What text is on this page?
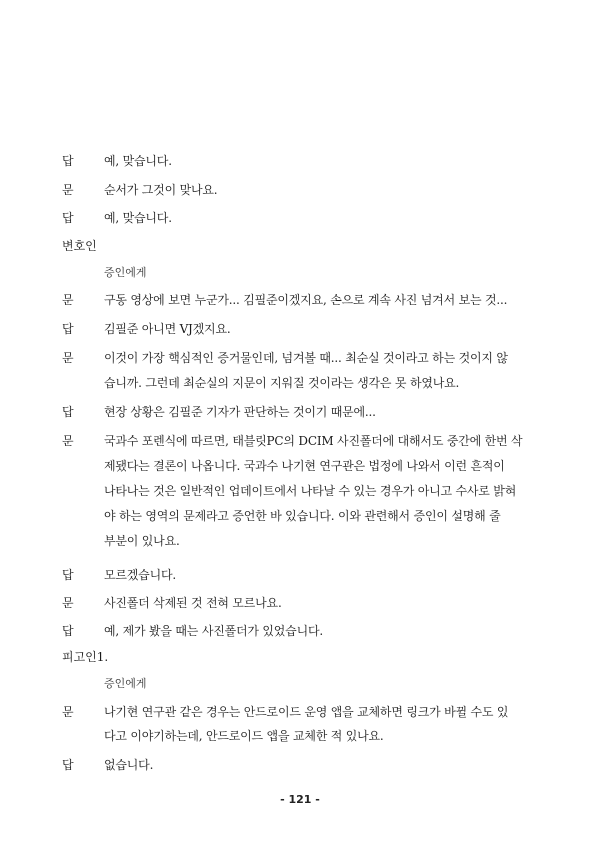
답	예, 맞습니다.
문	순서가 그것이 맞나요.
답	예, 맞습니다.
변호인
증인에게
문	구동 영상에 보면 누군가... 김필준이겠지요, 손으로 계속 사진 넘겨서 보는 것...
답	김필준 아니면 VJ겠지요.
문	이것이 가장 핵심적인 증거물인데, 넘겨볼 때... 최순실 것이라고 하는 것이지 않
습니까. 그런데 최순실의 지문이 지워질 것이라는 생각은 못 하였나요.
답	현장 상황은 김필준 기자가 판단하는 것이기 때문에...
문	국과수 포렌식에 따르면, 태블릿PC의 DCIM 사진폴더에 대해서도 중간에 한번 삭
제됐다는 결론이 나옵니다. 국과수 나기현 연구관은 법정에 나와서 이런 흔적이
나타나는 것은 일반적인 업데이트에서 나타날 수 있는 경우가 아니고 수사로 밝혀
야 하는 영역의 문제라고 증언한 바 있습니다. 이와 관련해서 증인이 설명해 줄
부분이 있나요.
답	모르겠습니다.
문	사진폴더 삭제된 것 전혀 모르나요.
답	예, 제가 봤을 때는 사진폴더가 있었습니다.
피고인1.
증인에게
문	나기현 연구관 같은 경우는 안드로이드 운영 앱을 교체하면 링크가 바뀔 수도 있
다고 이야기하는데, 안드로이드 앱을 교체한 적 있나요.
답	없습니다.
- 121 -
